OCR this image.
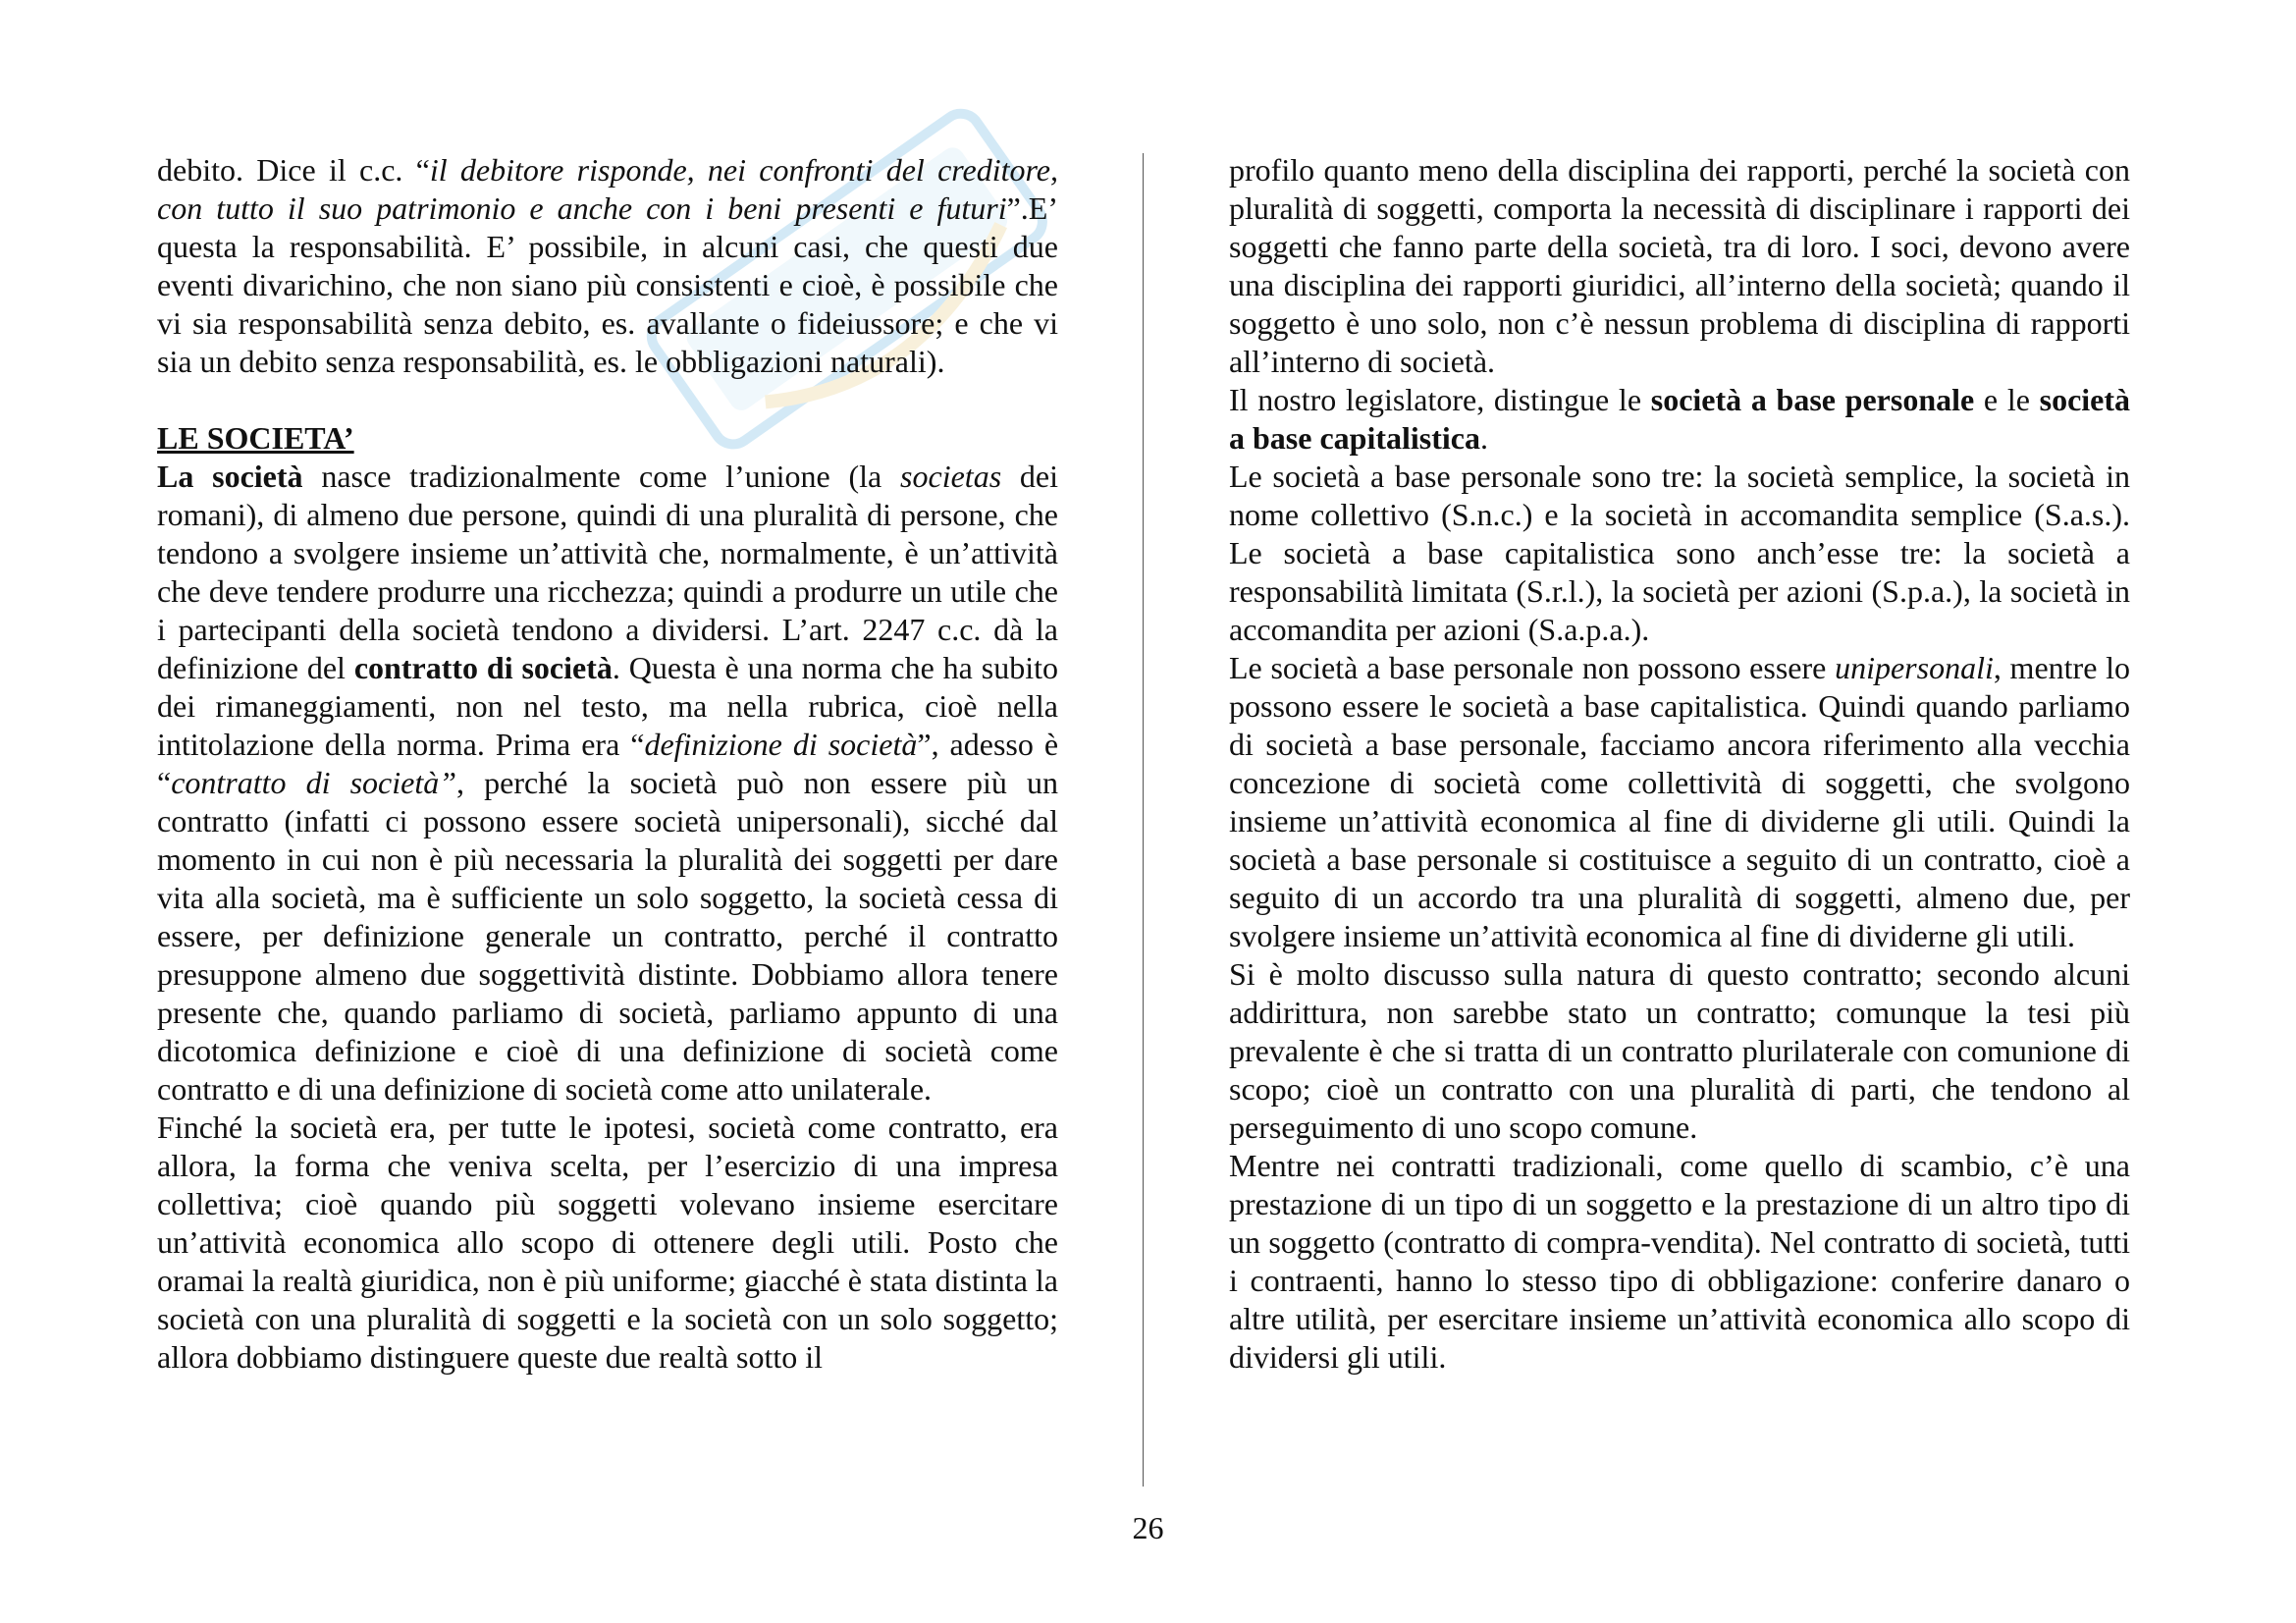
debito. Dice il c.c. “il debitore risponde, nei confronti del creditore, con tutto il suo patrimonio e anche con i beni presenti e futuri”.E’ questa la responsabilità. E’ possibile, in alcuni casi, che questi due eventi divarichino, che non siano più consistenti e cioè, è possibile che vi sia responsabilità senza debito, es. avallante o fideiussore; e che vi sia un debito senza responsabilità, es. le obbligazioni naturali).

LE SOCIETA’

La società nasce tradizionalmente come l’unione (la societas dei romani), di almeno due persone, quindi di una pluralità di persone, che tendono a svolgere insieme un’attività che, normalmente, è un’attività che deve tendere produrre una ricchezza; quindi a produrre un utile che i partecipanti della società tendono a dividersi. L’art. 2247 c.c. dà la definizione del contratto di società. Questa è una norma che ha subito dei rimaneggiamenti, non nel testo, ma nella rubrica, cioè nella intitolazione della norma. Prima era “definizione di società”, adesso è “contratto di società”, perché la società può non essere più un contratto (infatti ci possono essere società unipersonali), sicché dal momento in cui non è più necessaria la pluralità dei soggetti per dare vita alla società, ma è sufficiente un solo soggetto, la società cessa di essere, per definizione generale un contratto, perché il contratto presuppone almeno due soggettività distinte. Dobbiamo allora tenere presente che, quando parliamo di società, parliamo appunto di una dicotomica definizione e cioè di una definizione di società come contratto e di una definizione di società come atto unilaterale.

Finché la società era, per tutte le ipotesi, società come contratto, era allora, la forma che veniva scelta, per l’esercizio di una impresa collettiva; cioè quando più soggetti volevano insieme esercitare un’attività economica allo scopo di ottenere degli utili. Posto che oramai la realtà giuridica, non è più uniforme; giacché è stata distinta la società con una pluralità di soggetti e la società con un solo soggetto; allora dobbiamo distinguere queste due realtà sotto il

profilo quanto meno della disciplina dei rapporti, perché la società con pluralità di soggetti, comporta la necessità di disciplinare i rapporti dei soggetti che fanno parte della società, tra di loro. I soci, devono avere una disciplina dei rapporti giuridici, all’interno della società; quando il soggetto è uno solo, non c’è nessun problema di disciplina di rapporti all’interno di società.

Il nostro legislatore, distingue le società a base personale e le società a base capitalistica.

Le società a base personale sono tre: la società semplice, la società in nome collettivo (S.n.c.) e la società in accomandita semplice (S.a.s.). Le società a base capitalistica sono anch’esse tre: la società a responsabilità limitata (S.r.l.), la società per azioni (S.p.a.), la società in accomandita per azioni (S.a.p.a.).

Le società a base personale non possono essere unipersonali, mentre lo possono essere le società a base capitalistica. Quindi quando parliamo di società a base personale, facciamo ancora riferimento alla vecchia concezione di società come collettività di soggetti, che svolgono insieme un’attività economica al fine di dividerne gli utili. Quindi la società a base personale si costituisce a seguito di un contratto, cioè a seguito di un accordo tra una pluralità di soggetti, almeno due, per svolgere insieme un’attività economica al fine di dividerne gli utili.

Si è molto discusso sulla natura di questo contratto; secondo alcuni addirittura, non sarebbe stato un contratto; comunque la tesi più prevalente è che si tratta di un contratto plurilaterale con comunione di scopo; cioè un contratto con una pluralità di parti, che tendono al perseguimento di uno scopo comune.

Mentre nei contratti tradizionali, come quello di scambio, c’è una prestazione di un tipo di un soggetto e la prestazione di un altro tipo di un soggetto (contratto di compra-vendita). Nel contratto di società, tutti i contraenti, hanno lo stesso tipo di obbligazione: conferire danaro o altre utilità, per esercitare insieme un’attività economica allo scopo di dividersi gli utili.

26
